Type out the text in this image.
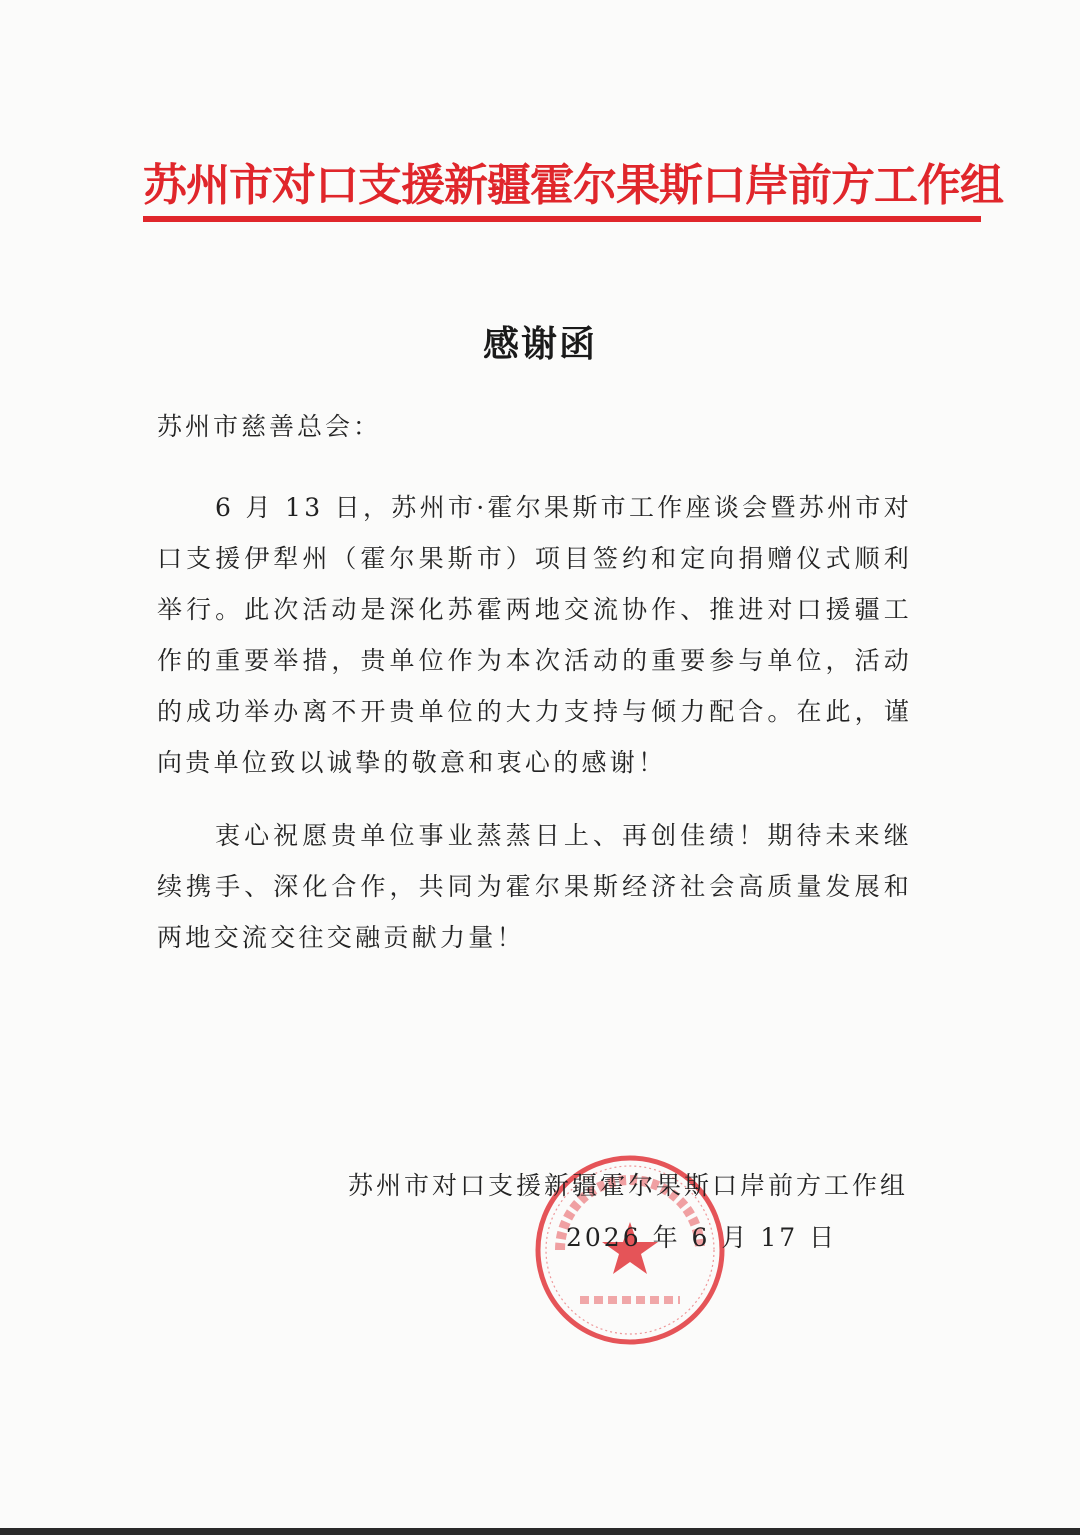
苏州市对口支援新疆霍尔果斯口岸前方工作组
感谢函
苏州市慈善总会：

6 月 13 日，苏州市·霍尔果斯市工作座谈会暨苏州市对口支援伊犁州（霍尔果斯市）项目签约和定向捐赠仪式顺利举行。此次活动是深化苏霍两地交流协作、推进对口援疆工作的重要举措，贵单位作为本次活动的重要参与单位，活动的成功举办离不开贵单位的大力支持与倾力配合。在此，谨向贵单位致以诚挚的敬意和衷心的感谢！

衷心祝愿贵单位事业蒸蒸日上、再创佳绩！期待未来继续携手、深化合作，共同为霍尔果斯经济社会高质量发展和两地交流交往交融贡献力量！

苏州市对口支援新疆霍尔果斯口岸前方工作组
2026 年 6 月 17 日
